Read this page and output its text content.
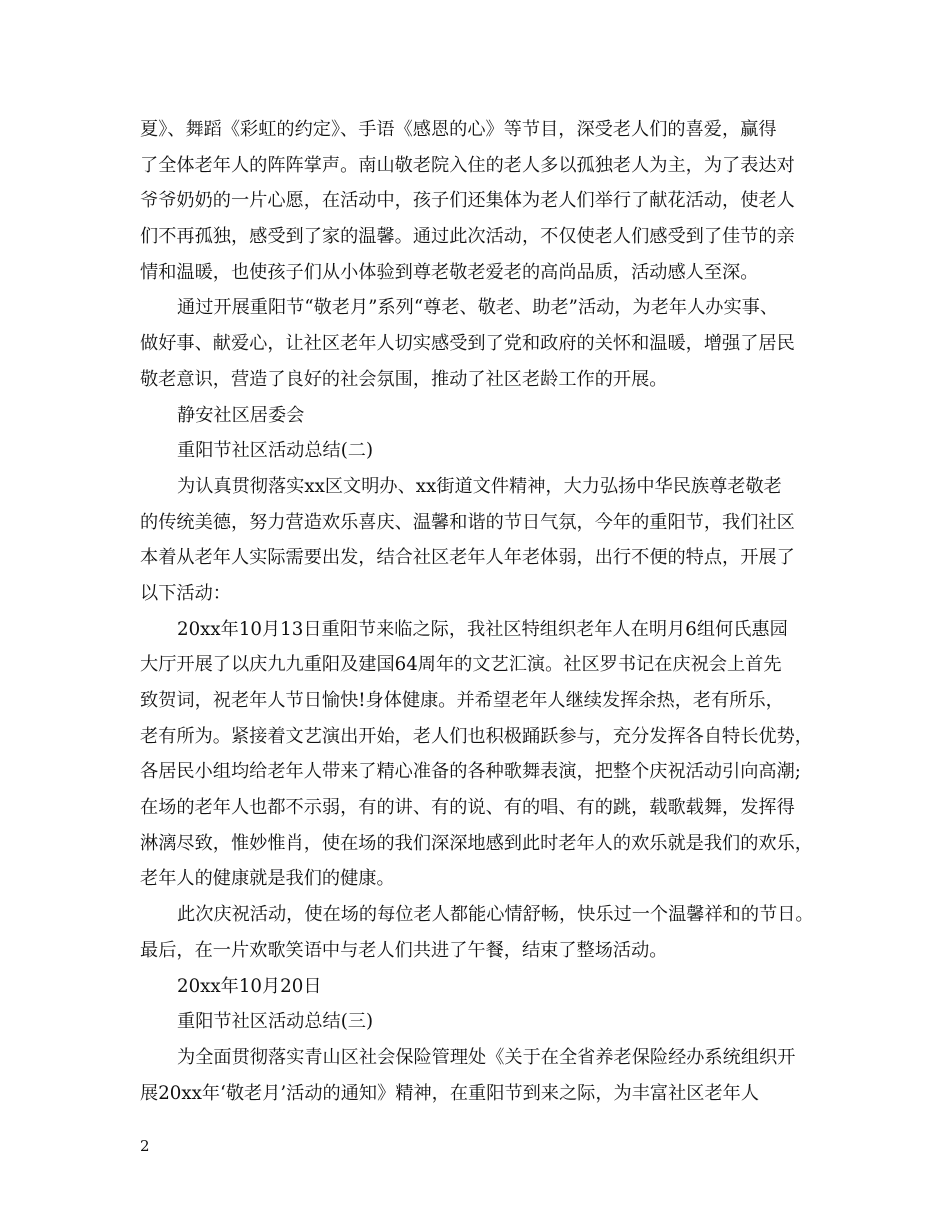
夏》、舞蹈《彩虹的约定》、手语《感恩的心》等节目，深受老人们的喜爱，赢得
了全体老年人的阵阵掌声。南山敬老院入住的老人多以孤独老人为主，为了表达对
爷爷奶奶的一片心愿，在活动中，孩子们还集体为老人们举行了献花活动，使老人
们不再孤独，感受到了家的温馨。通过此次活动，不仅使老人们感受到了佳节的亲
情和温暖，也使孩子们从小体验到尊老敬老爱老的高尚品质，活动感人至深。
通过开展重阳节“敬老月”系列“尊老、敬老、助老”活动，为老年人办实事、
做好事、献爱心，让社区老年人切实感受到了党和政府的关怀和温暖，增强了居民
敬老意识，营造了良好的社会氛围，推动了社区老龄工作的开展。
静安社区居委会
重阳节社区活动总结(二)
为认真贯彻落实xx区文明办、xx街道文件精神，大力弘扬中华民族尊老敬老
的传统美德，努力营造欢乐喜庆、温馨和谐的节日气氛，今年的重阳节，我们社区
本着从老年人实际需要出发，结合社区老年人年老体弱，出行不便的特点，开展了
以下活动：
20xx年10月13日重阳节来临之际，我社区特组织老年人在明月6组何氏惠园
大厅开展了以庆九九重阳及建国64周年的文艺汇演。社区罗书记在庆祝会上首先
致贺词，祝老年人节日愉快!身体健康。并希望老年人继续发挥余热，老有所乐，
老有所为。紧接着文艺演出开始，老人们也积极踊跃参与，充分发挥各自特长优势，
各居民小组均给老年人带来了精心准备的各种歌舞表演，把整个庆祝活动引向高潮;
在场的老年人也都不示弱，有的讲、有的说、有的唱、有的跳，载歌载舞，发挥得
淋漓尽致，惟妙惟肖，使在场的我们深深地感到此时老年人的欢乐就是我们的欢乐，
老年人的健康就是我们的健康。
此次庆祝活动，使在场的每位老人都能心情舒畅，快乐过一个温馨祥和的节日。
最后，在一片欢歌笑语中与老人们共进了午餐，结束了整场活动。
20xx年10月20日
重阳节社区活动总结(三)
为全面贯彻落实青山区社会保险管理处《关于在全省养老保险经办系统组织开
展20xx年‘敬老月’活动的通知》精神，在重阳节到来之际，为丰富社区老年人
2
